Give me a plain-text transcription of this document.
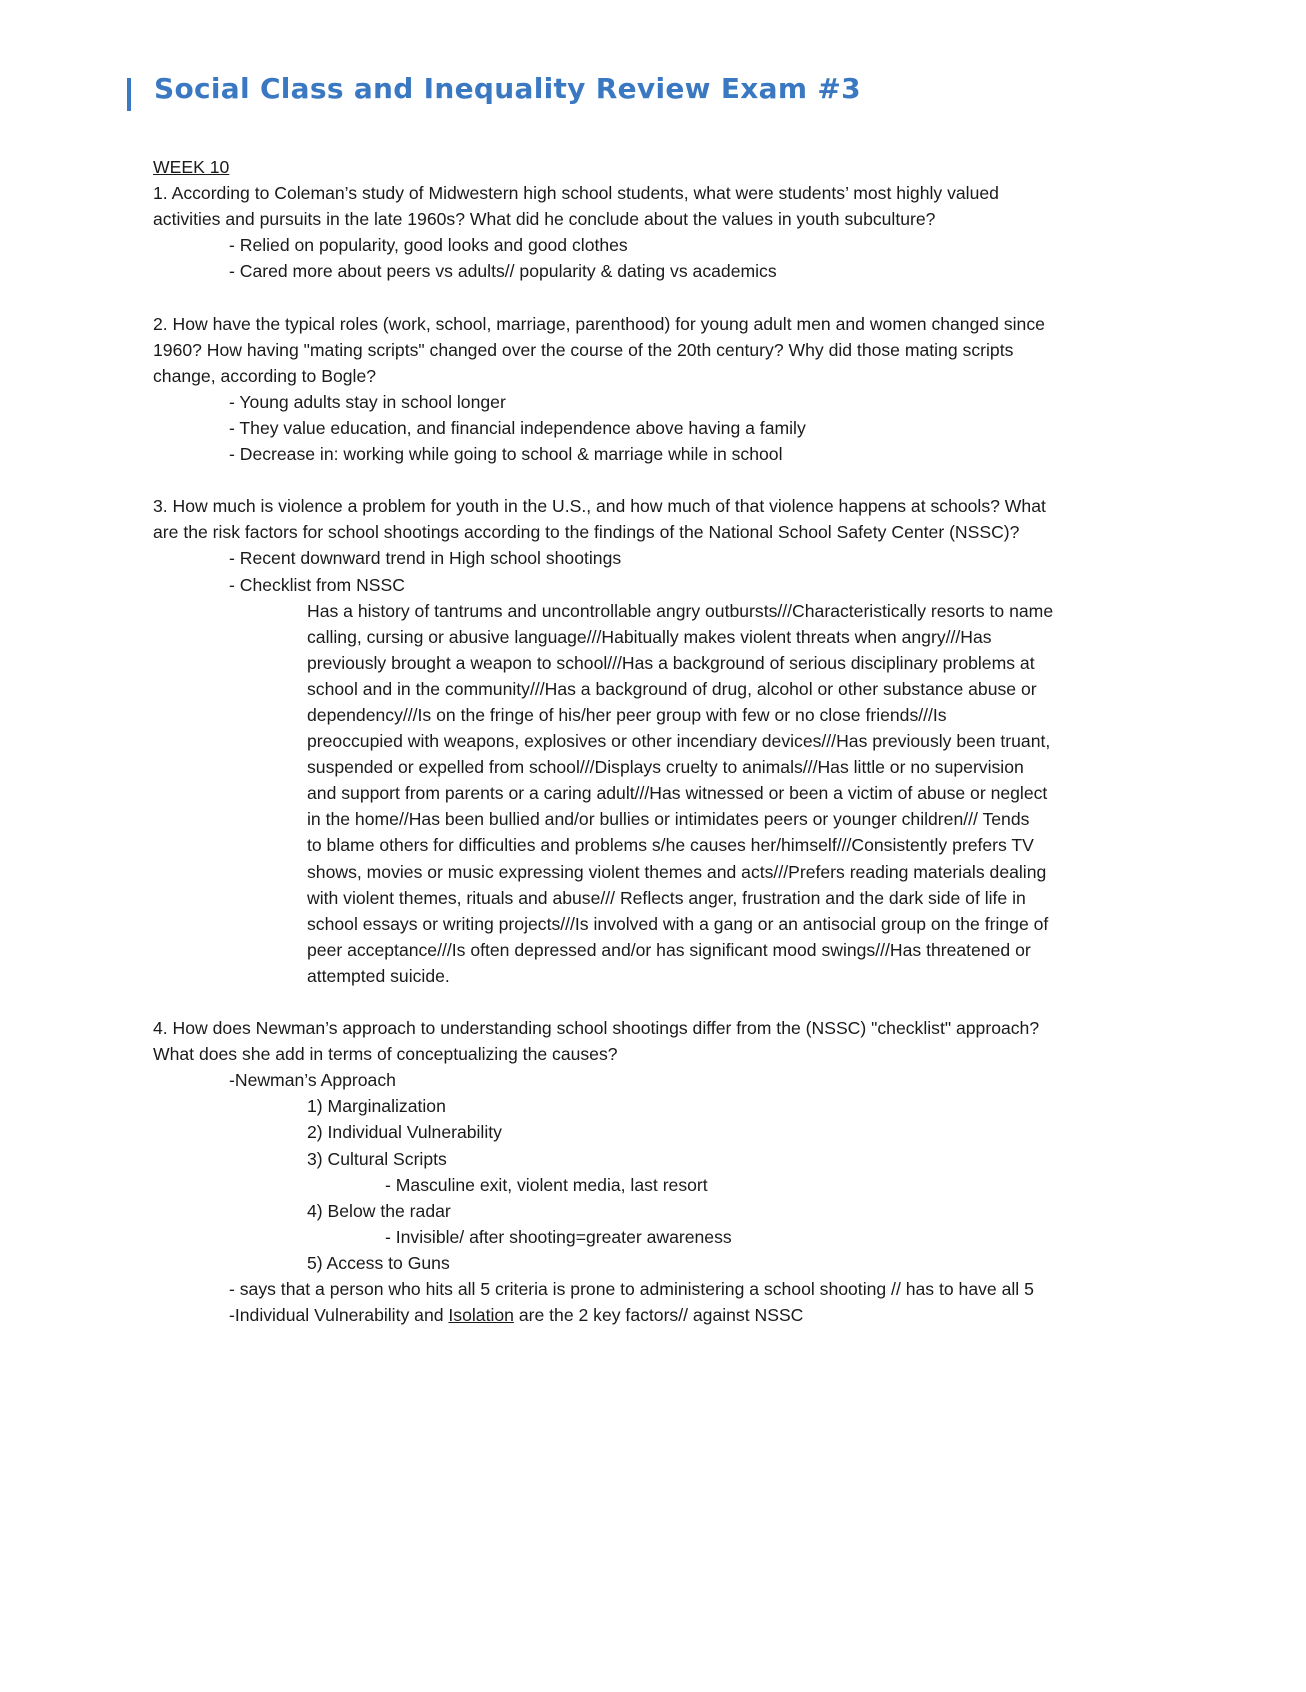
Social Class and Inequality Review Exam #3
WEEK 10
1. According to Coleman’s study of Midwestern high school students, what were students’ most highly valued
activities and pursuits in the late 1960s? What did he conclude about the values in youth subculture?
- Relied on popularity, good looks and good clothes
- Cared more about peers vs adults// popularity & dating vs academics
2. How have the typical roles (work, school, marriage, parenthood) for young adult men and women changed since
1960? How having "mating scripts" changed over the course of the 20th century? Why did those mating scripts
change, according to Bogle?
- Young adults stay in school longer
- They value education, and financial independence above having a family
- Decrease in: working while going to school & marriage while in school
3. How much is violence a problem for youth in the U.S., and how much of that violence happens at schools? What
are the risk factors for school shootings according to the findings of the National School Safety Center (NSSC)?
- Recent downward trend in High school shootings
- Checklist from NSSC
Has a history of tantrums and uncontrollable angry outbursts///Characteristically resorts to name
calling, cursing or abusive language///Habitually makes violent threats when angry///Has
previously brought a weapon to school///Has a background of serious disciplinary problems at
school and in the community///Has a background of drug, alcohol or other substance abuse or
dependency///Is on the fringe of his/her peer group with few or no close friends///Is
preoccupied with weapons, explosives or other incendiary devices///Has previously been truant,
suspended or expelled from school///Displays cruelty to animals///Has little or no supervision
and support from parents or a caring adult///Has witnessed or been a victim of abuse or neglect
in the home//Has been bullied and/or bullies or intimidates peers or younger children/// Tends
to blame others for difficulties and problems s/he causes her/himself///Consistently prefers TV
shows, movies or music expressing violent themes and acts///Prefers reading materials dealing
with violent themes, rituals and abuse/// Reflects anger, frustration and the dark side of life in
school essays or writing projects///Is involved with a gang or an antisocial group on the fringe of
peer acceptance///Is often depressed and/or has significant mood swings///Has threatened or
attempted suicide.
4. How does Newman’s approach to understanding school shootings differ from the (NSSC) "checklist" approach?
What does she add in terms of conceptualizing the causes?
-Newman’s Approach
1) Marginalization
2) Individual Vulnerability
3) Cultural Scripts
- Masculine exit, violent media, last resort
4) Below the radar
- Invisible/ after shooting=greater awareness
5) Access to Guns
- says that a person who hits all 5 criteria is prone to administering a school shooting // has to have all 5
-Individual Vulnerability and Isolation are the 2 key factors// against NSSC
